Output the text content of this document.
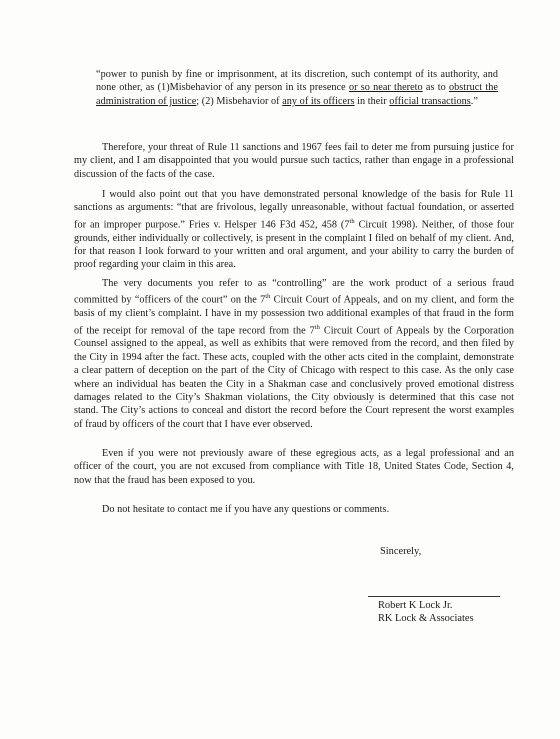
“power to punish by fine or imprisonment, at its discretion, such contempt of its authority, and none other, as (1)Misbehavior of any person in its presence or so near thereto as to obstruct the administration of justice; (2) Misbehavior of any of its officers in their official transactions.”
Therefore, your threat of Rule 11 sanctions and 1967 fees fail to deter me from pursuing justice for my client, and I am disappointed that you would pursue such tactics, rather than engage in a professional discussion of the facts of the case.
I would also point out that you have demonstrated personal knowledge of the basis for Rule 11 sanctions as arguments: “that are frivolous, legally unreasonable, without factual foundation, or asserted for an improper purpose.” Fries v. Helsper 146 F3d 452, 458 (7th Circuit 1998). Neither, of those four grounds, either individually or collectively, is present in the complaint I filed on behalf of my client. And, for that reason I look forward to your written and oral argument, and your ability to carry the burden of proof regarding your claim in this area.
The very documents you refer to as “controlling” are the work product of a serious fraud committed by “officers of the court” on the 7th Circuit Court of Appeals, and on my client, and form the basis of my client’s complaint. I have in my possession two additional examples of that fraud in the form of the receipt for removal of the tape record from the 7th Circuit Court of Appeals by the Corporation Counsel assigned to the appeal, as well as exhibits that were removed from the record, and then filed by the City in 1994 after the fact. These acts, coupled with the other acts cited in the complaint, demonstrate a clear pattern of deception on the part of the City of Chicago with respect to this case. As the only case where an individual has beaten the City in a Shakman case and conclusively proved emotional distress damages related to the City’s Shakman violations, the City obviously is determined that this case not stand. The City’s actions to conceal and distort the record before the Court represent the worst examples of fraud by officers of the court that I have ever observed.
Even if you were not previously aware of these egregious acts, as a legal professional and an officer of the court, you are not excused from compliance with Title 18, United States Code, Section 4, now that the fraud has been exposed to you.
Do not hesitate to contact me if you have any questions or comments.
Sincerely,
Robert K Lock Jr.
RK Lock & Associates
